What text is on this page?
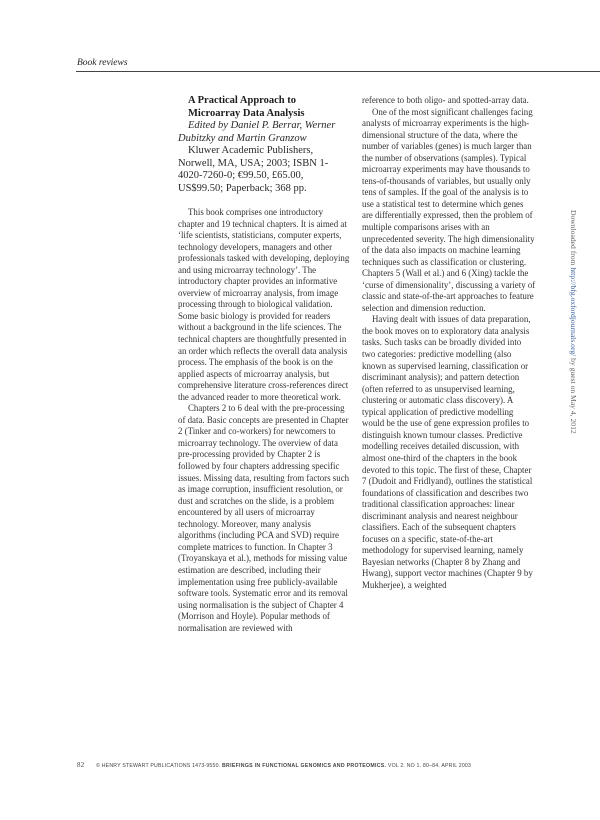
Book reviews

A Practical Approach to

Microarray Data Analysis

Edited by Daniel P. Berrar, Werner Dubitzky and Martin Granzow

Kluwer Academic Publishers, Norwell, MA, USA; 2003; ISBN 1-4020-7260-0; €99.50, £65.00, US$99.50; Paperback; 368 pp.

This book comprises one introductory chapter and 19 technical chapters. It is aimed at ‘life scientists, statisticians, computer experts, technology developers, managers and other professionals tasked with developing, deploying and using microarray technology’. The introductory chapter provides an informative overview of microarray analysis, from image processing through to biological validation. Some basic biology is provided for readers without a background in the life sciences. The technical chapters are thoughtfully presented in an order which reflects the overall data analysis process. The emphasis of the book is on the applied aspects of microarray analysis, but comprehensive literature cross-references direct the advanced reader to more theoretical work.

Chapters 2 to 6 deal with the pre-processing of data. Basic concepts are presented in Chapter 2 (Tinker and co-workers) for newcomers to microarray technology. The overview of data pre-processing provided by Chapter 2 is followed by four chapters addressing specific issues. Missing data, resulting from factors such as image corruption, insufficient resolution, or dust and scratches on the slide, is a problem encountered by all users of microarray technology. Moreover, many analysis algorithms (including PCA and SVD) require complete matrices to function. In Chapter 3 (Troyanskaya et al.), methods for missing value estimation are described, including their implementation using free publicly-available software tools. Systematic error and its removal using normalisation is the subject of Chapter 4 (Morrison and Hoyle). Popular methods of normalisation are reviewed with

reference to both oligo- and spotted-array data.

One of the most significant challenges facing analysts of microarray experiments is the high-dimensional structure of the data, where the number of variables (genes) is much larger than the number of observations (samples). Typical microarray experiments may have thousands to tens-of-thousands of variables, but usually only tens of samples. If the goal of the analysis is to use a statistical test to determine which genes are differentially expressed, then the problem of multiple comparisons arises with an unprecedented severity. The high dimensionality of the data also impacts on machine learning techniques such as classification or clustering. Chapters 5 (Wall et al.) and 6 (Xing) tackle the ‘curse of dimensionality’, discussing a variety of classic and state-of-the-art approaches to feature selection and dimension reduction.

Having dealt with issues of data preparation, the book moves on to exploratory data analysis tasks. Such tasks can be broadly divided into two categories: predictive modelling (also known as supervised learning, classification or discriminant analysis); and pattern detection (often referred to as unsupervised learning, clustering or automatic class discovery). A typical application of predictive modelling would be the use of gene expression profiles to distinguish known tumour classes. Predictive modelling receives detailed discussion, with almost one-third of the chapters in the book devoted to this topic. The first of these, Chapter 7 (Dudoit and Fridlyand), outlines the statistical foundations of classification and describes two traditional classification approaches: linear discriminant analysis and nearest neighbour classifiers. Each of the subsequent chapters focuses on a specific, state-of-the-art methodology for supervised learning, namely Bayesian networks (Chapter 8 by Zhang and Hwang), support vector machines (Chapter 9 by Mukherjee), a weighted

Downloaded from http://bfg.oxfordjournals.org/ by guest on May 4, 2012
82 © HENRY STEWART PUBLICATIONS 1473-9550. BRIEFINGS IN FUNCTIONAL GENOMICS AND PROTEOMICS. VOL 2. NO 1. 80–84. APRIL 2003
